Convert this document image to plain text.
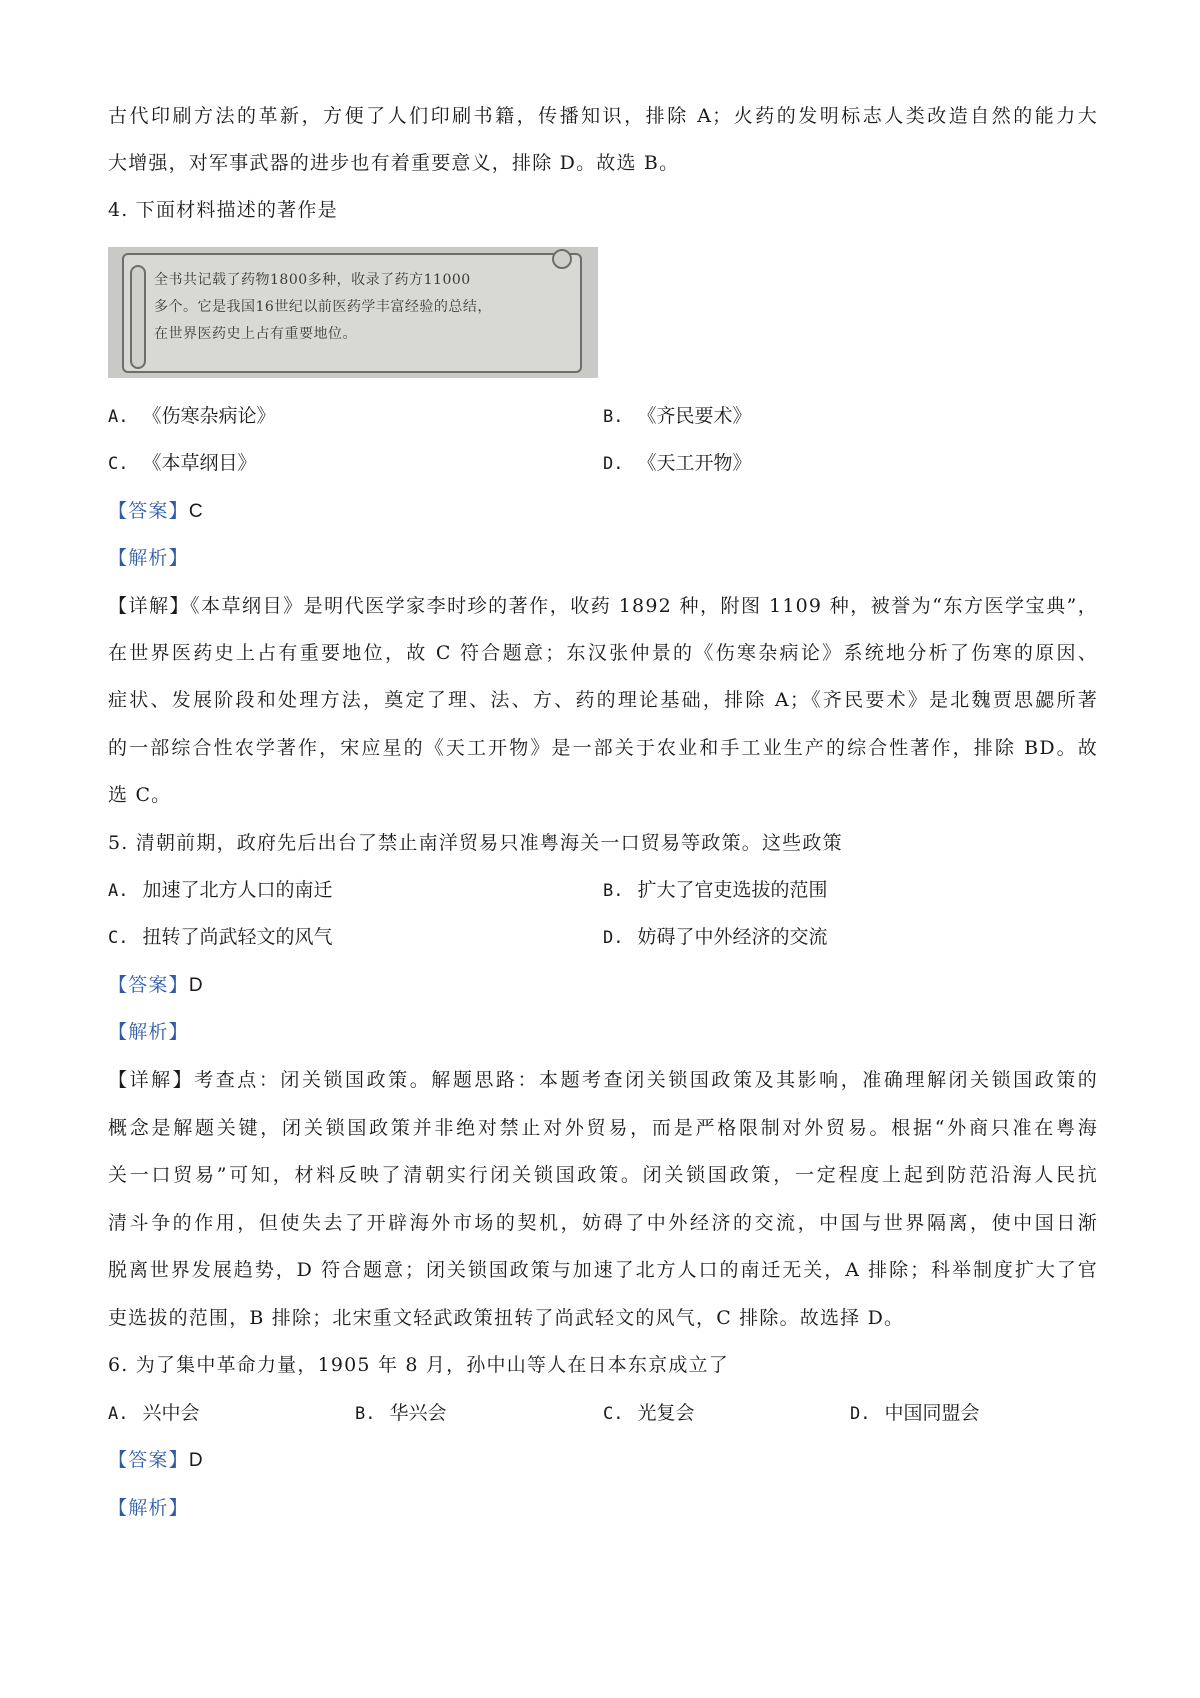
古代印刷方法的革新，方便了人们印刷书籍，传播知识，排除 A；火药的发明标志人类改造自然的能力大
大增强，对军事武器的进步也有着重要意义，排除 D。故选 B。
4. 下面材料描述的著作是
全书共记载了药物1800多种，收录了药方11000
多个。它是我国16世纪以前医药学丰富经验的总结，
在世界医药史上占有重要地位。
A. 《伤寒杂病论》	B. 《齐民要术》
C. 《本草纲目》	D. 《天工开物》
【答案】C
【解析】
【详解】《本草纲目》是明代医学家李时珍的著作，收药 1892 种，附图 1109 种，被誉为“东方医学宝典”，
在世界医药史上占有重要地位，故 C 符合题意；东汉张仲景的《伤寒杂病论》系统地分析了伤寒的原因、
症状、发展阶段和处理方法，奠定了理、法、方、药的理论基础，排除 A；《齐民要术》是北魏贾思勰所著
的一部综合性农学著作，宋应星的《天工开物》是一部关于农业和手工业生产的综合性著作，排除 BD。故
选 C。
5. 清朝前期，政府先后出台了禁止南洋贸易只准粤海关一口贸易等政策。这些政策
A. 加速了北方人口的南迁	B. 扩大了官吏选拔的范围
C. 扭转了尚武轻文的风气	D. 妨碍了中外经济的交流
【答案】D
【解析】
【详解】考查点：闭关锁国政策。解题思路：本题考查闭关锁国政策及其影响，准确理解闭关锁国政策的
概念是解题关键，闭关锁国政策并非绝对禁止对外贸易，而是严格限制对外贸易。根据“外商只准在粤海
关一口贸易”可知，材料反映了清朝实行闭关锁国政策。闭关锁国政策，一定程度上起到防范沿海人民抗
清斗争的作用，但使失去了开辟海外市场的契机，妨碍了中外经济的交流，中国与世界隔离，使中国日渐
脱离世界发展趋势，D 符合题意；闭关锁国政策与加速了北方人口的南迁无关，A 排除；科举制度扩大了官
吏选拔的范围，B 排除；北宋重文轻武政策扭转了尚武轻文的风气，C 排除。故选择 D。
6. 为了集中革命力量，1905 年 8 月，孙中山等人在日本东京成立了
A. 兴中会	B. 华兴会	C. 光复会	D. 中国同盟会
【答案】D
【解析】
